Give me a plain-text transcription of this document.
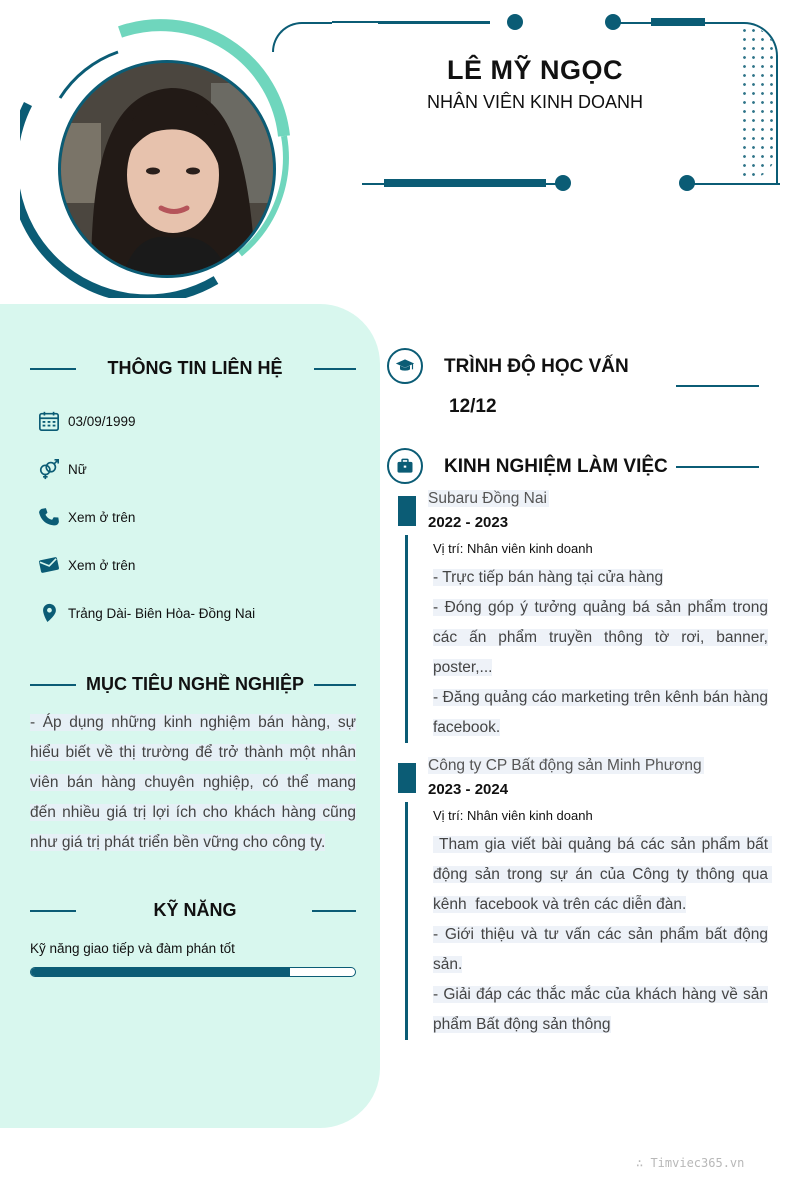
LÊ MỸ NGỌC
NHÂN VIÊN KINH DOANH
THÔNG TIN LIÊN HỆ
03/09/1999
Nữ
Xem ở trên
Xem ở trên
Trảng Dài- Biên Hòa- Đồng Nai
MỤC TIÊU NGHỀ NGHIỆP
- Áp dụng những kinh nghiệm bán hàng, sự hiểu biết về thị trường để trở thành một nhân viên bán hàng chuyên nghiệp, có thể mang đến nhiều giá trị lợi ích cho khách hàng cũng như giá trị phát triển bền vững cho công ty.
KỸ NĂNG
Kỹ năng giao tiếp và đàm phán tốt
TRÌNH ĐỘ HỌC VẤN
12/12
KINH NGHIỆM LÀM VIỆC
Subaru Đồng Nai
2022 - 2023
Vị trí: Nhân viên kinh doanh

- Trực tiếp bán hàng tại cửa hàng

- Đóng góp ý tưởng quảng bá sản phẩm trong các ấn phẩm truyền thông tờ rơi, banner, poster,...

- Đăng quảng cáo marketing trên kênh bán hàng facebook.

Công ty CP Bất động sản Minh Phương
2023 - 2024
Vị trí: Nhân viên kinh doanh

Tham gia viết bài quảng bá các sản phẩm bất động sản trong sự án của Công ty thông qua kênh  facebook và trên các diễn đàn.

- Giới thiệu và tư vấn các sản phẩm bất động sản.

- Giải đáp các thắc mắc của khách hàng về sản phẩm Bất động sản thông

∴ Timviec365.vn
